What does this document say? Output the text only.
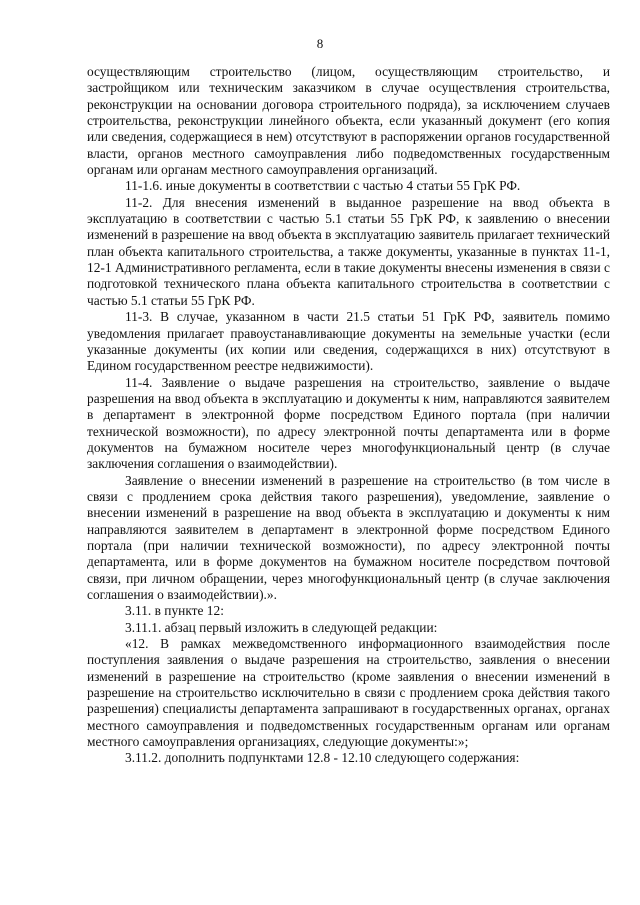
8

осуществляющим строительство (лицом, осуществляющим строительство, и застройщиком или техническим заказчиком в случае осуществления строительства, реконструкции на основании договора строительного подряда), за исключением случаев строительства, реконструкции линейного объекта, если указанный документ (его копия или сведения, содержащиеся в нем) отсутствуют в распоряжении органов государственной власти, органов местного самоуправления либо подведомственных государственным органам или органам местного самоуправления организаций.

11-1.6. иные документы в соответствии с частью 4 статьи 55 ГрК РФ.

11-2. Для внесения изменений в выданное разрешение на ввод объекта в эксплуатацию в соответствии с частью 5.1 статьи 55 ГрК РФ, к заявлению о внесении изменений в разрешение на ввод объекта в эксплуатацию заявитель прилагает технический план объекта капитального строительства, а также документы, указанные в пунктах 11-1, 12-1 Административного регламента, если в такие документы внесены изменения в связи с подготовкой технического плана объекта капитального строительства в соответствии с частью 5.1 статьи 55 ГрК РФ.

11-3. В случае, указанном в части 21.5 статьи 51 ГрК РФ, заявитель помимо уведомления прилагает правоустанавливающие документы на земельные участки (если указанные документы (их копии или сведения, содержащихся в них) отсутствуют в Едином государственном реестре недвижимости).

11-4. Заявление о выдаче разрешения на строительство, заявление о выдаче разрешения на ввод объекта в эксплуатацию и документы к ним, направляются заявителем в департамент в электронной форме посредством Единого портала (при наличии технической возможности), по адресу электронной почты департамента или в форме документов на бумажном носителе через многофункциональный центр (в случае заключения соглашения о взаимодействии).

Заявление о внесении изменений в разрешение на строительство (в том числе в связи с продлением срока действия такого разрешения), уведомление, заявление о внесении изменений в разрешение на ввод объекта в эксплуатацию и документы к ним направляются заявителем в департамент в электронной форме посредством Единого портала (при наличии технической возможности), по адресу электронной почты департамента, или в форме документов на бумажном носителе посредством почтовой связи, при личном обращении, через многофункциональный центр (в случае заключения соглашения о взаимодействии).».

3.11. в пункте 12:

3.11.1. абзац первый изложить в следующей редакции:

«12. В рамках межведомственного информационного взаимодействия после поступления заявления о выдаче разрешения на строительство, заявления о внесении изменений в разрешение на строительство (кроме заявления о внесении изменений в разрешение на строительство исключительно в связи с продлением срока действия такого разрешения) специалисты департамента запрашивают в государственных органах, органах местного самоуправления и подведомственных государственным органам или органам местного самоуправления организациях, следующие документы:»;

3.11.2. дополнить подпунктами 12.8 - 12.10 следующего содержания:
